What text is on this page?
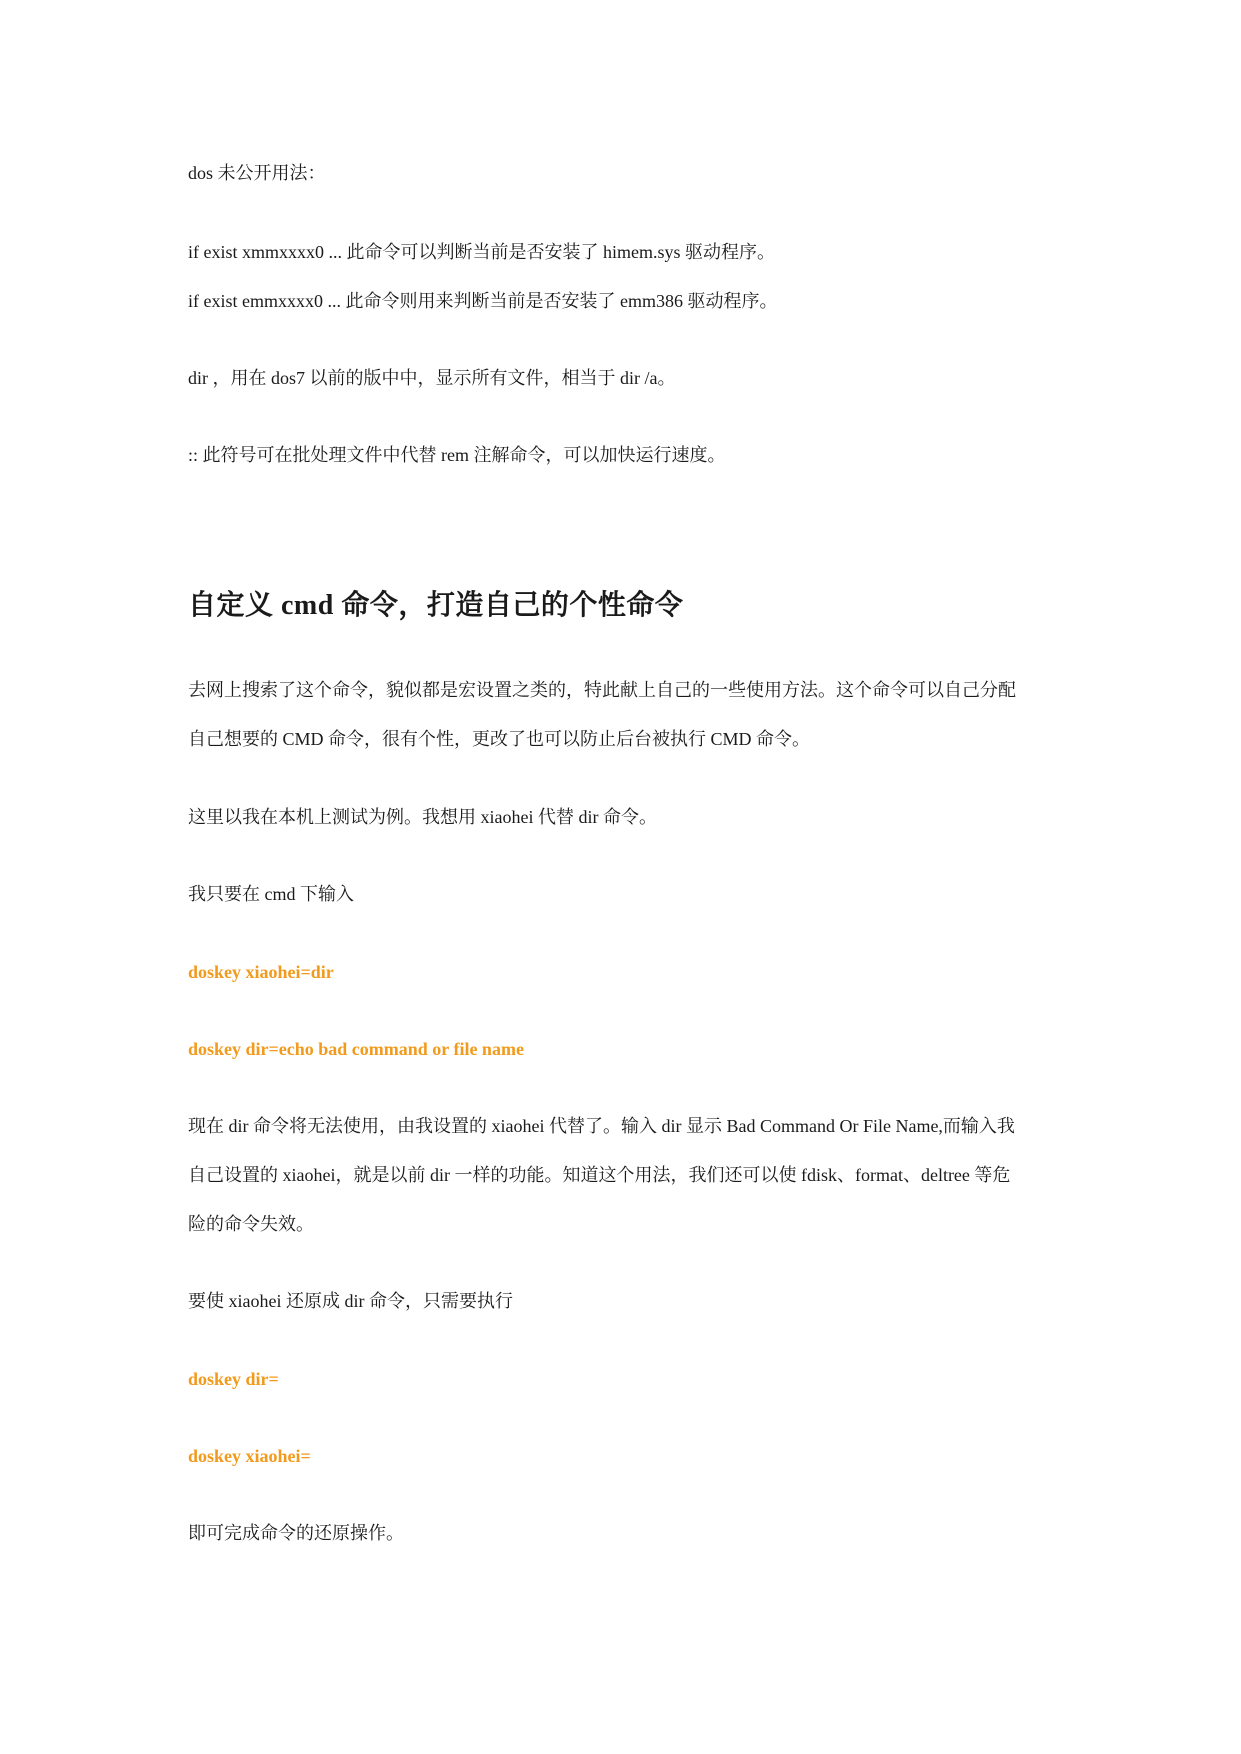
dos 未公开用法：
if exist xmmxxxx0 ... 此命令可以判断当前是否安装了 himem.sys 驱动程序。
if exist emmxxxx0 ... 此命令则用来判断当前是否安装了 emm386 驱动程序。
dir ，用在 dos7 以前的版中中，显示所有文件，相当于 dir /a。
:: 此符号可在批处理文件中代替 rem 注解命令，可以加快运行速度。
自定义 cmd 命令，打造自己的个性命令
去网上搜索了这个命令，貌似都是宏设置之类的，特此献上自己的一些使用方法。这个命令可以自己分配
自己想要的 CMD 命令，很有个性，更改了也可以防止后台被执行 CMD 命令。
这里以我在本机上测试为例。我想用 xiaohei 代替 dir 命令。
我只要在 cmd 下输入
doskey xiaohei=dir
doskey dir=echo bad command or file name
现在 dir 命令将无法使用，由我设置的 xiaohei 代替了。输入 dir 显示 Bad Command Or File Name,而输入我
自己设置的 xiaohei，就是以前 dir 一样的功能。知道这个用法，我们还可以使 fdisk、format、deltree 等危
险的命令失效。
要使 xiaohei 还原成 dir 命令，只需要执行
doskey dir=
doskey xiaohei=
即可完成命令的还原操作。
